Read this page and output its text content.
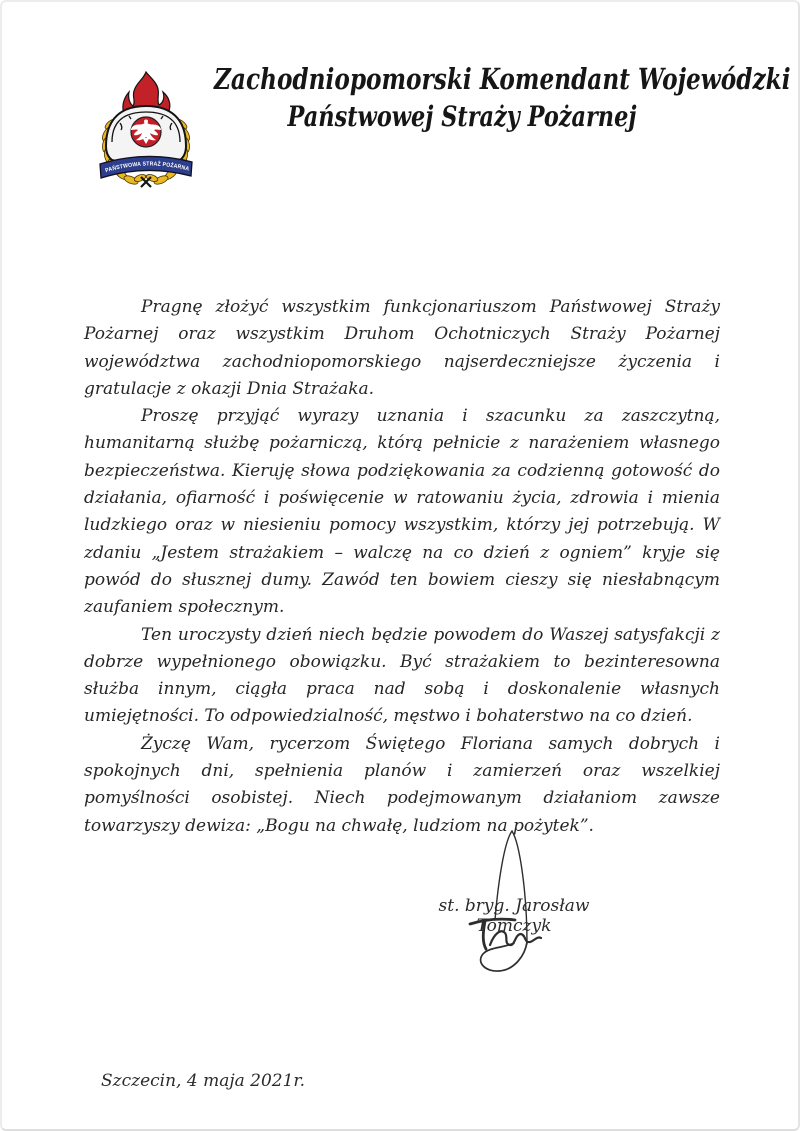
PAŃSTWOWA STRAŻ POŻARNA
Zachodniopomorski Komendant Wojewódzki
Państwowej Straży Pożarnej

Pragnę złożyć wszystkim funkcjonariuszom Państwowej Straży Pożarnej oraz wszystkim Druhom Ochotniczych Straży Pożarnej województwa zachodniopomorskiego najserdeczniejsze życzenia i gratulacje z okazji Dnia Strażaka.

Proszę przyjąć wyrazy uznania i szacunku za zaszczytną, humanitarną służbę pożarniczą, którą pełnicie z narażeniem własnego bezpieczeństwa. Kieruję słowa podziękowania za codzienną gotowość do działania, ofiarność i poświęcenie w ratowaniu życia, zdrowia i mienia ludzkiego oraz w niesieniu pomocy wszystkim, którzy jej potrzebują. W zdaniu „Jestem strażakiem – walczę na co dzień z ogniem” kryje się powód do słusznej dumy. Zawód ten bowiem cieszy się niesłabnącym zaufaniem społecznym.

Ten uroczysty dzień niech będzie powodem do Waszej satysfakcji z dobrze wypełnionego obowiązku. Być strażakiem to bezinteresowna służba innym, ciągła praca nad sobą i doskonalenie własnych umiejętności. To odpowiedzialność, męstwo i bohaterstwo na co dzień.

Życzę Wam, rycerzom Świętego Floriana samych dobrych i spokojnych dni, spełnienia planów i zamierzeń oraz wszelkiej pomyślności osobistej. Niech podejmowanym działaniom zawsze towarzyszy dewiza: „Bogu na chwałę, ludziom na pożytek”.

st. bryg. Jarosław Tomczyk
Szczecin, 4 maja 2021r.
